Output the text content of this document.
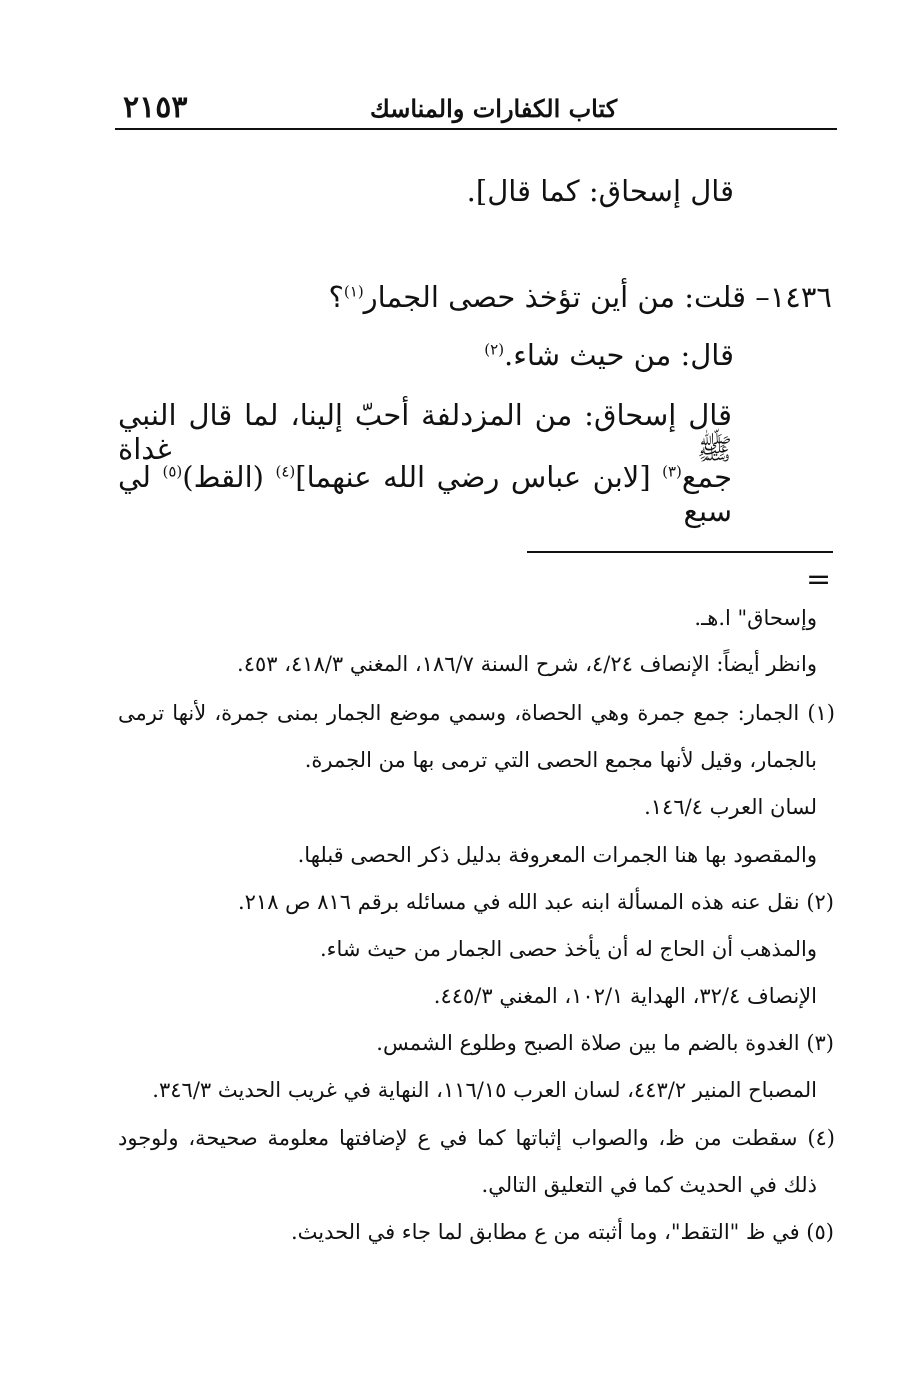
٢١٥٣	كتاب الكفارات والمناسك
قال إسحاق: كما قال].
١٤٣٦– قلت: من أين تؤخذ حصى الجمار$^{(١)}$؟
قال: من حيث شاء.$^{(٢)}$
قال إسحاق: من المزدلفة أحبّ إلينا، لما قال النبي ﷺ غداة
جمع$^{(٣)}$ [لابن عباس رضي الله عنهما]$^{(٤)}$ (القط)$^{(٥)}$ لي سبع
=
وإسحاق" ا.هـ.
وانظر أيضاً: الإنصاف ٤/٢٤، شرح السنة ١٨٦/٧، المغني ٤١٨/٣، ٤٥٣.
(١) الجمار: جمع جمرة وهي الحصاة، وسمي موضع الجمار بمنى جمرة، لأنها ترمى
بالجمار، وقيل لأنها مجمع الحصى التي ترمى بها من الجمرة.
لسان العرب ١٤٦/٤.
والمقصود بها هنا الجمرات المعروفة بدليل ذكر الحصى قبلها.
(٢) نقل عنه هذه المسألة ابنه عبد الله في مسائله برقم ٨١٦ ص ٢١٨.
والمذهب أن الحاج له أن يأخذ حصى الجمار من حيث شاء.
الإنصاف ٣٢/٤، الهداية ١٠٢/١، المغني ٤٤٥/٣.
(٣) الغدوة بالضم ما بين صلاة الصبح وطلوع الشمس.
المصباح المنير ٤٤٣/٢، لسان العرب ١١٦/١٥، النهاية في غريب الحديث ٣٤٦/٣.
(٤) سقطت من ظ، والصواب إثباتها كما في ع لإضافتها معلومة صحيحة، ولوجود
ذلك في الحديث كما في التعليق التالي.
(٥) في ظ "التقط"، وما أثبته من ع مطابق لما جاء في الحديث.
